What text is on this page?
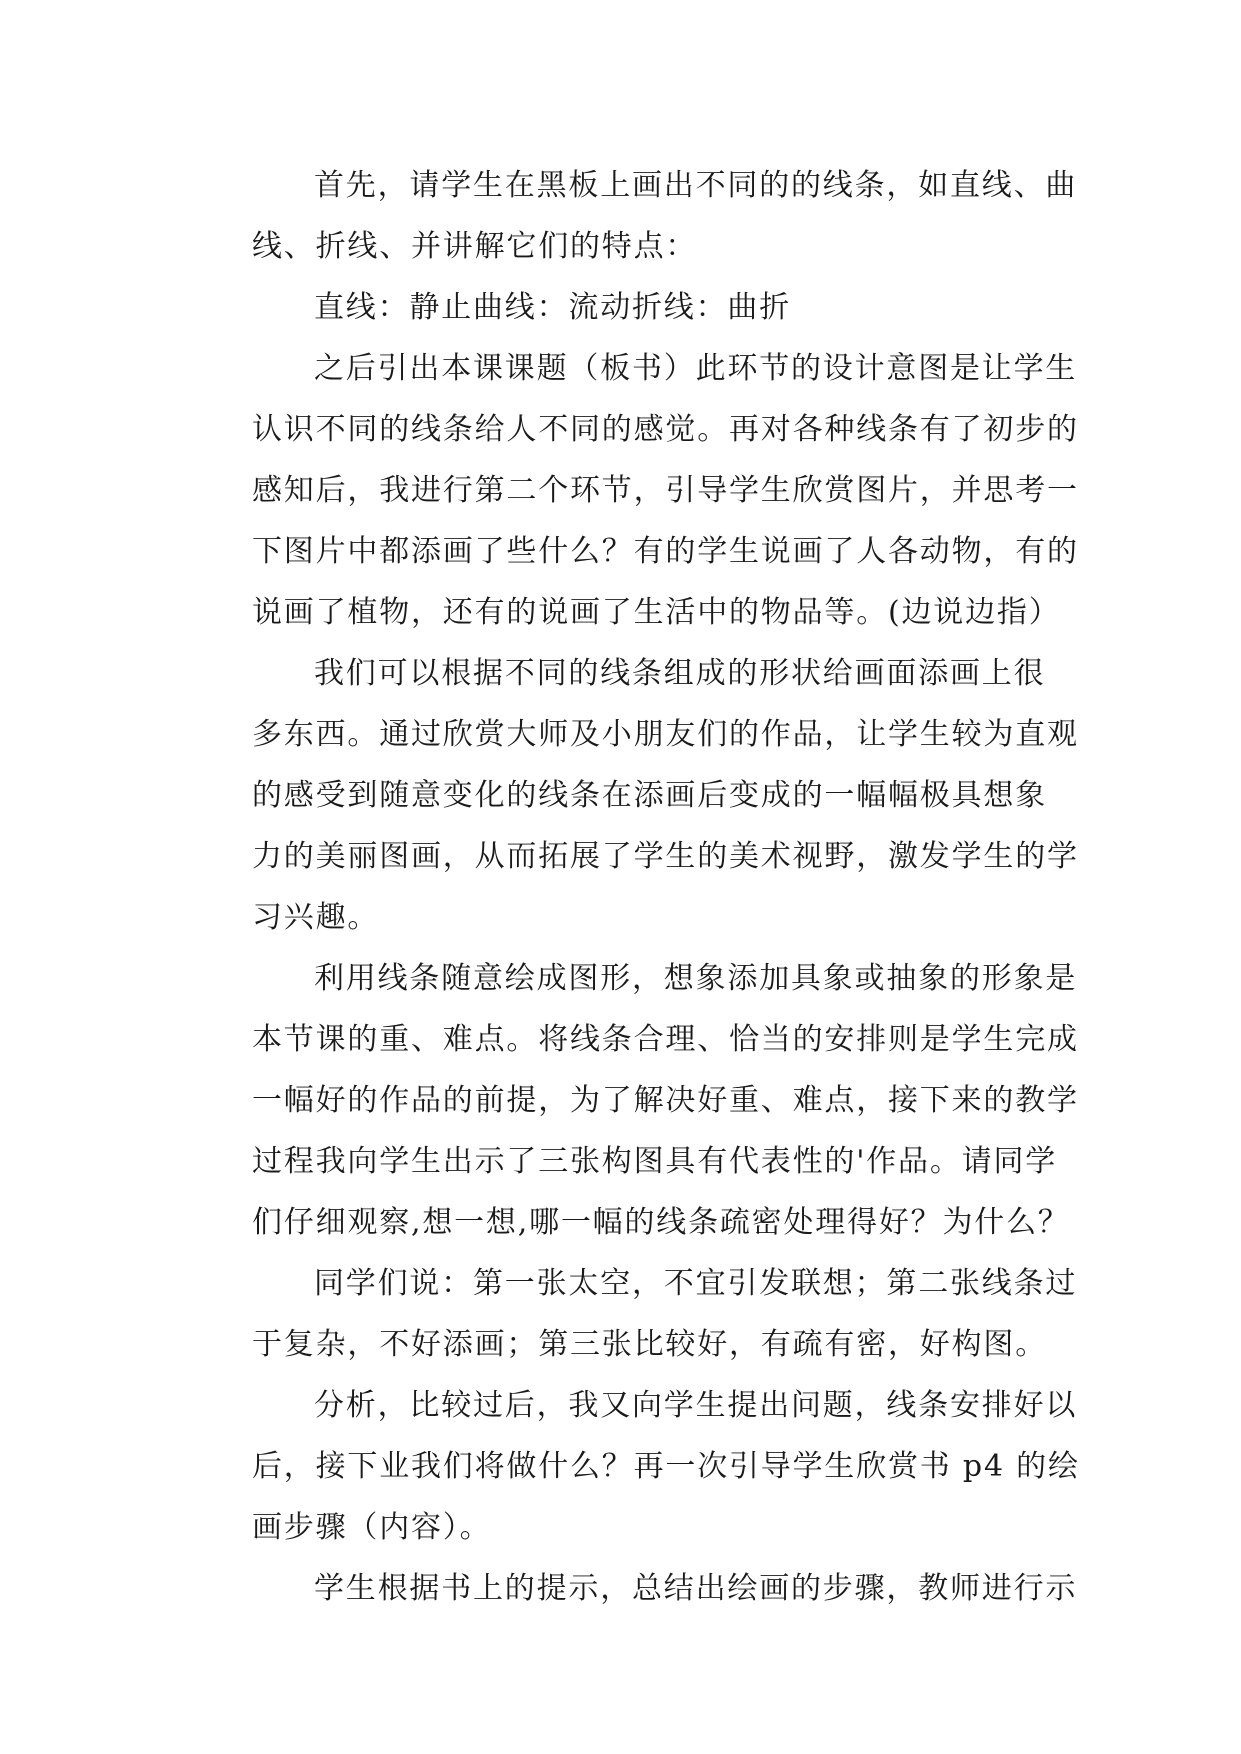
首先，请学生在黑板上画出不同的的线条，如直线、曲
线、折线、并讲解它们的特点：
直线：静止曲线：流动折线：曲折
之后引出本课课题（板书）此环节的设计意图是让学生
认识不同的线条给人不同的感觉。再对各种线条有了初步的
感知后，我进行第二个环节，引导学生欣赏图片，并思考一
下图片中都添画了些什么？有的学生说画了人各动物，有的
说画了植物，还有的说画了生活中的物品等。(边说边指）
我们可以根据不同的线条组成的形状给画面添画上很
多东西。通过欣赏大师及小朋友们的作品，让学生较为直观
的感受到随意变化的线条在添画后变成的一幅幅极具想象
力的美丽图画，从而拓展了学生的美术视野，激发学生的学
习兴趣。
利用线条随意绘成图形，想象添加具象或抽象的形象是
本节课的重、难点。将线条合理、恰当的安排则是学生完成
一幅好的作品的前提，为了解决好重、难点，接下来的教学
过程我向学生出示了三张构图具有代表性的'作品。请同学
们仔细观察,想一想,哪一幅的线条疏密处理得好？为什么？
同学们说：第一张太空，不宜引发联想；第二张线条过
于复杂，不好添画；第三张比较好，有疏有密，好构图。
分析，比较过后，我又向学生提出问题，线条安排好以
后，接下业我们将做什么？再一次引导学生欣赏书 p4 的绘
画步骤（内容）。
学生根据书上的提示，总结出绘画的步骤，教师进行示
